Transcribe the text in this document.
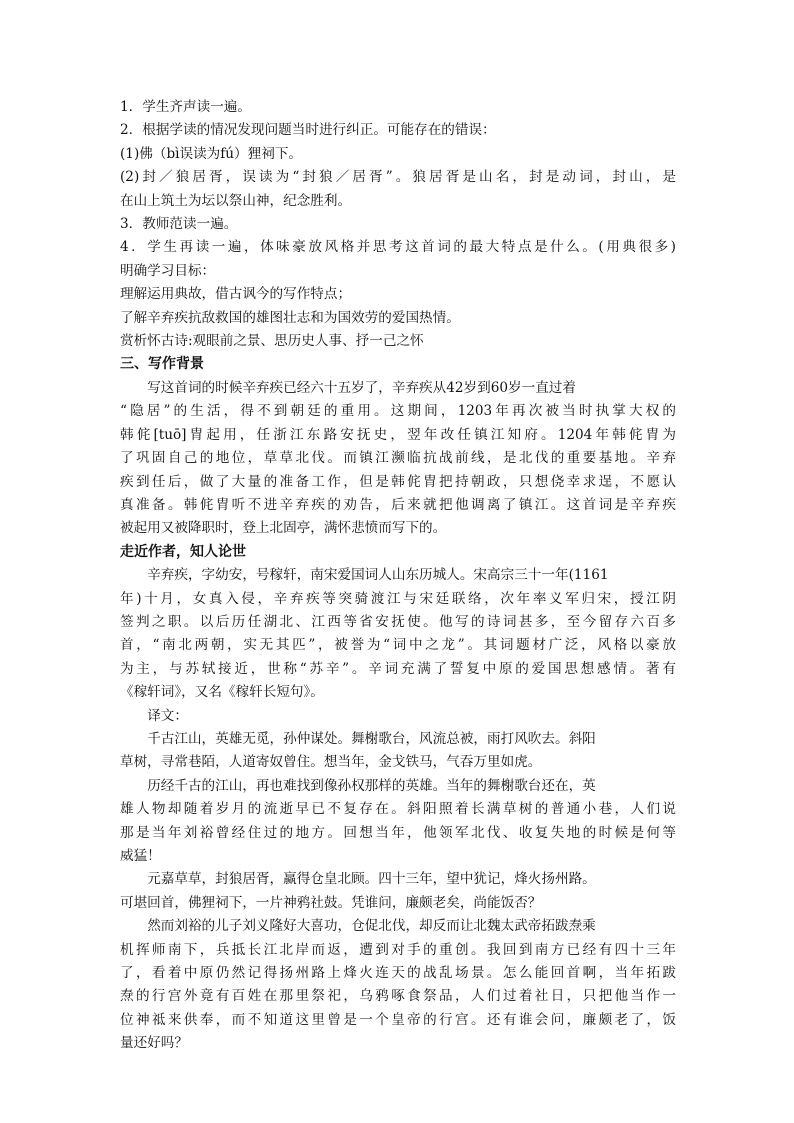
1．学生齐声读一遍。
2．根据学读的情况发现问题当时进行纠正。可能存在的错误：
(1)佛（bì误读为fú）狸祠下。
(2)封／狼居胥，误读为“封狼／居胥”。狼居胥是山名，封是动词，封山，是
在山上筑土为坛以祭山神，纪念胜利。
3．教师范读一遍。
4．学生再读一遍，体味豪放风格并思考这首词的最大特点是什么。(用典很多)
明确学习目标：
理解运用典故，借古讽今的写作特点；
了解辛弃疾抗敌救国的雄图壮志和为国效劳的爱国热情。
赏析怀古诗:观眼前之景、思历史人事、抒一己之怀
三、写作背景
写这首词的时候辛弃疾已经六十五岁了，辛弃疾从42岁到60岁一直过着
“隐居”的生活，得不到朝廷的重用。这期间，1203年再次被当时执掌大权的
韩侂[tuō]胄起用，任浙江东路安抚史，翌年改任镇江知府。1204年韩侂胄为
了巩固自己的地位，草草北伐。而镇江濒临抗战前线，是北伐的重要基地。辛弃
疾到任后，做了大量的准备工作，但是韩侂胄把持朝政，只想侥幸求逞，不愿认
真准备。韩侂胄听不进辛弃疾的劝告，后来就把他调离了镇江。这首词是辛弃疾
被起用又被降职时，登上北固亭，满怀悲愤而写下的。
走近作者，知人论世
辛弃疾，字幼安，号稼轩，南宋爱国词人山东历城人。宋高宗三十一年(1161
年)十月，女真入侵，辛弃疾等突骑渡江与宋廷联络，次年率义军归宋，授江阴
签判之职。以后历任湖北、江西等省安抚使。他写的诗词甚多，至今留存六百多
首，“南北两朝，实无其匹”，被誉为“词中之龙”。其词题材广泛，风格以豪放
为主，与苏轼接近，世称“苏辛”。辛词充满了誓复中原的爱国思想感情。著有
《稼轩词》，又名《稼轩长短句》。
译文：
千古江山，英雄无觅，孙仲谋处。舞榭歌台，风流总被，雨打风吹去。斜阳
草树，寻常巷陌，人道寄奴曾住。想当年，金戈铁马，气吞万里如虎。
历经千古的江山，再也难找到像孙权那样的英雄。当年的舞榭歌台还在，英
雄人物却随着岁月的流逝早已不复存在。斜阳照着长满草树的普通小巷，人们说
那是当年刘裕曾经住过的地方。回想当年，他领军北伐、收复失地的时候是何等
威猛！
元嘉草草，封狼居胥，赢得仓皇北顾。四十三年，望中犹记，烽火扬州路。
可堪回首，佛狸祠下，一片神鸦社鼓。凭谁问，廉颇老矣，尚能饭否？
然而刘裕的儿子刘义隆好大喜功，仓促北伐，却反而让北魏太武帝拓跋焘乘
机挥师南下，兵抵长江北岸而返，遭到对手的重创。我回到南方已经有四十三年
了，看着中原仍然记得扬州路上烽火连天的战乱场景。怎么能回首啊，当年拓跋
焘的行宫外竟有百姓在那里祭祀，乌鸦啄食祭品，人们过着社日，只把他当作一
位神祗来供奉，而不知道这里曾是一个皇帝的行宫。还有谁会问，廉颇老了，饭
量还好吗？
